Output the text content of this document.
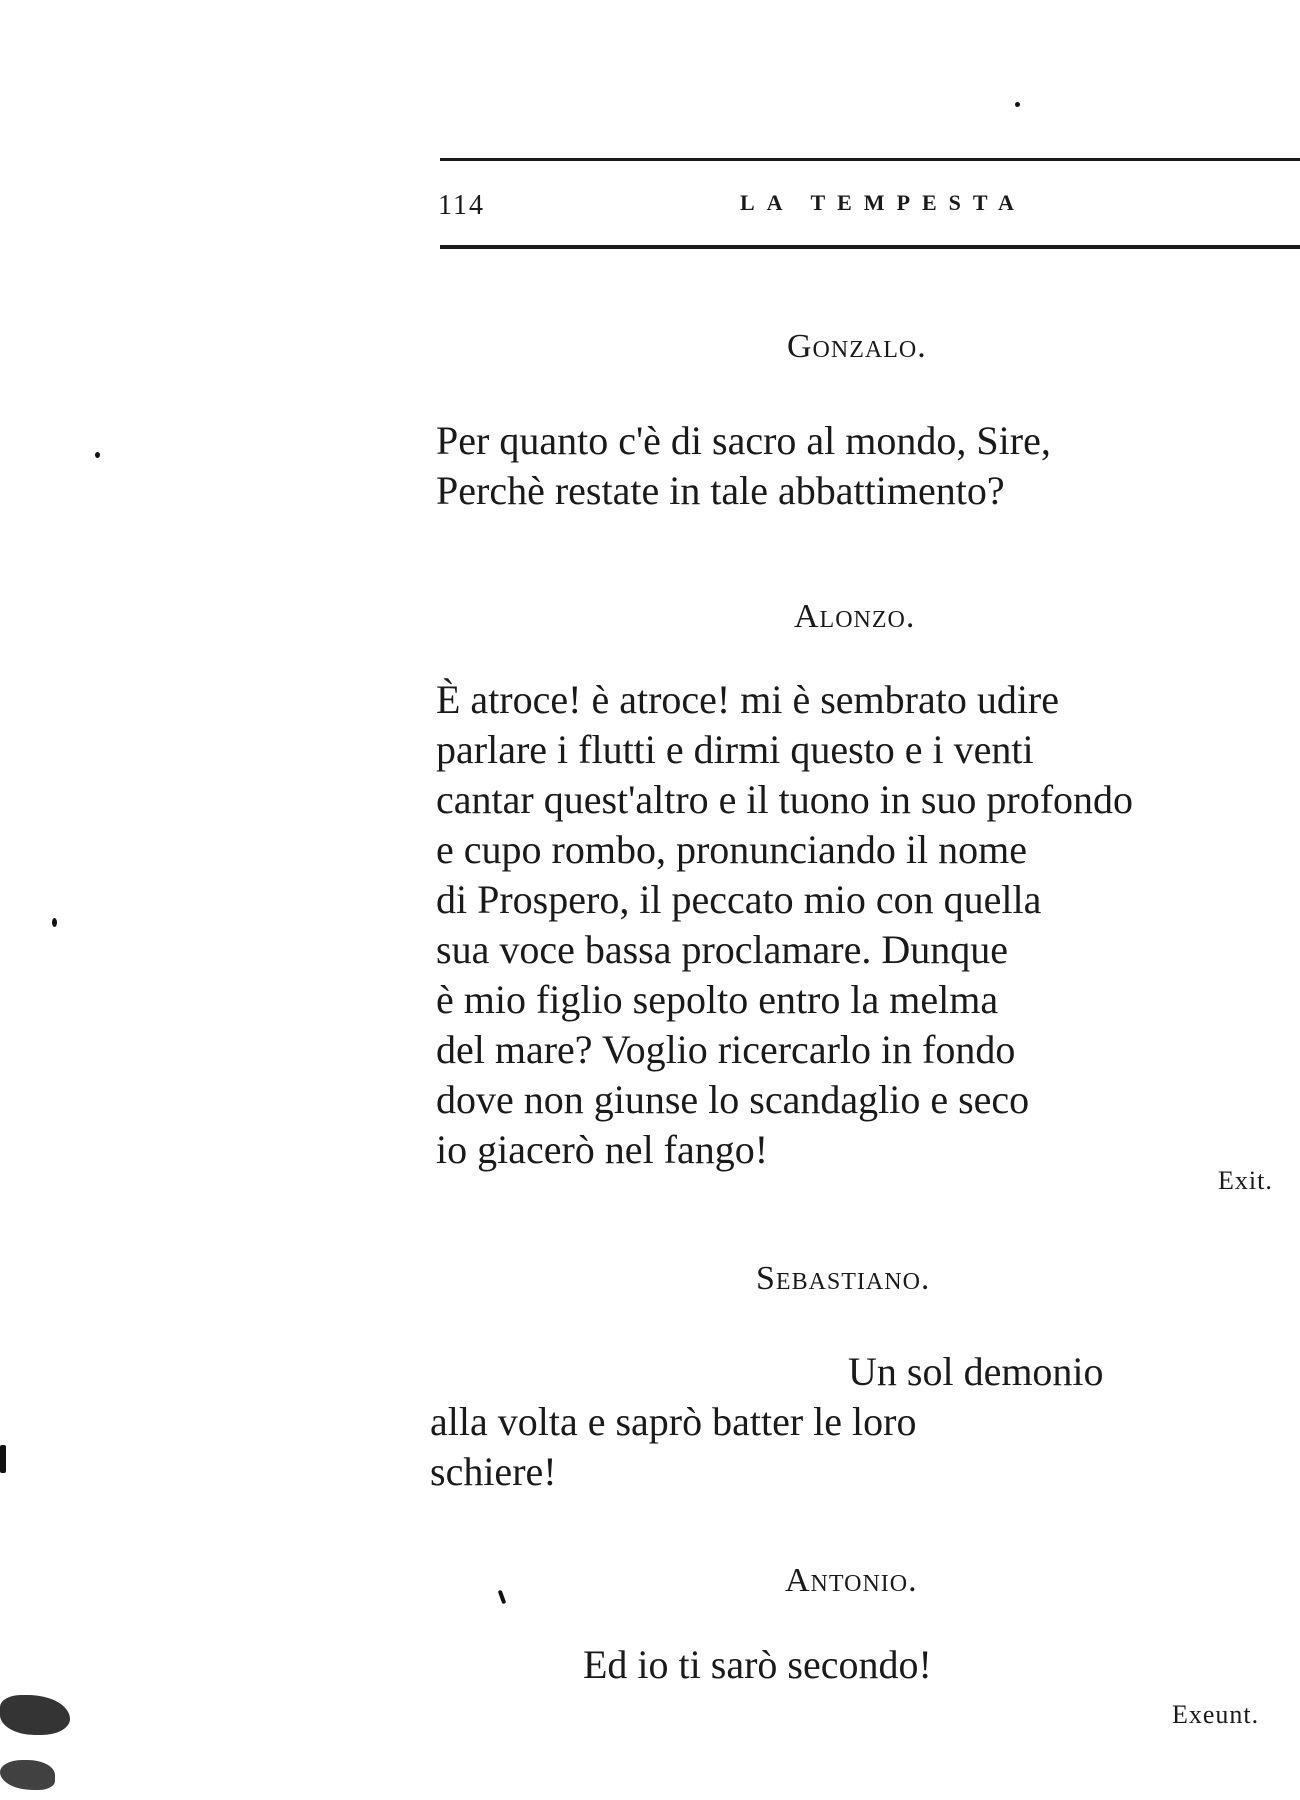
114	LA TEMPESTA
Gonzalo.
Per quanto c'è di sacro al mondo, Sire,
Perchè restate in tale abbattimento?
Alonzo.
È atroce! è atroce! mi è sembrato udire
parlare i flutti e dirmi questo e i venti
cantar quest'altro e il tuono in suo profondo
e cupo rombo, pronunciando il nome
di Prospero, il peccato mio con quella
sua voce bassa proclamare. Dunque
è mio figlio sepolto entro la melma
del mare? Voglio ricercarlo in fondo
dove non giunse lo scandaglio e seco
io giacerò nel fango!
Exit.
Sebastiano.
Un sol demonio
alla volta e saprò batter le loro
schiere!
Antonio.
Ed io ti sarò secondo!
Exeunt.
